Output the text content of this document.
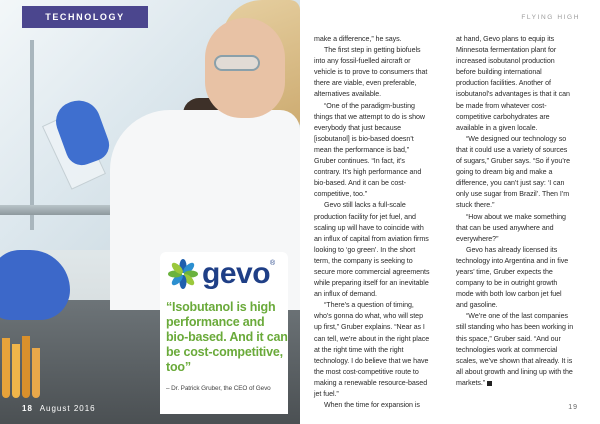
TECHNOLOGY
gevo ®

“Isobutanol is high performance and bio-based. And it can be cost-competitive, too”

– Dr. Patrick Gruber, the CEO of Gevo

18 August 2016
FLYING HIGH

make a difference,” he says.

The first step in getting biofuels into any fossil-fuelled aircraft or vehicle is to prove to consumers that there are viable, even preferable, alternatives available.

“One of the paradigm-busting things that we attempt to do is show everybody that just because [isobutanol] is bio-based doesn’t mean the performance is bad,” Gruber continues. “In fact, it’s contrary. It’s high performance and bio-based. And it can be cost-competitive, too.”

Gevo still lacks a full-scale production facility for jet fuel, and scaling up will have to coincide with an influx of capital from aviation firms looking to ‘go green’. In the short term, the company is seeking to secure more commercial agreements while preparing itself for an inevitable an influx of demand.

“There’s a question of timing, who’s gonna do what, who will step up first,” Gruber explains. “Near as I can tell, we’re about in the right place at the right time with the right technology. I do believe that we have the most cost-competitive route to making a renewable resource-based jet fuel.”

When the time for expansion is

at hand, Gevo plans to equip its Minnesota fermentation plant for increased isobutanol production before building international production facilities. Another of isobutanol’s advantages is that it can be made from whatever cost-competitive carbohydrates are available in a given locale.

“We designed our technology so that it could use a variety of sources of sugars,” Gruber says. “So if you’re going to dream big and make a difference, you can’t just say: ‘I can only use sugar from Brazil’. Then I’m stuck there.”

“How about we make something that can be used anywhere and everywhere?”

Gevo has already licensed its technology into Argentina and in five years’ time, Gruber expects the company to be in outright growth mode with both low carbon jet fuel and gasoline.

“We’re one of the last companies still standing who has been working in this space,” Gruber said. “And our technologies work at commercial scales, we’ve shown that already. It is all about growth and lining up with the markets.”

19
